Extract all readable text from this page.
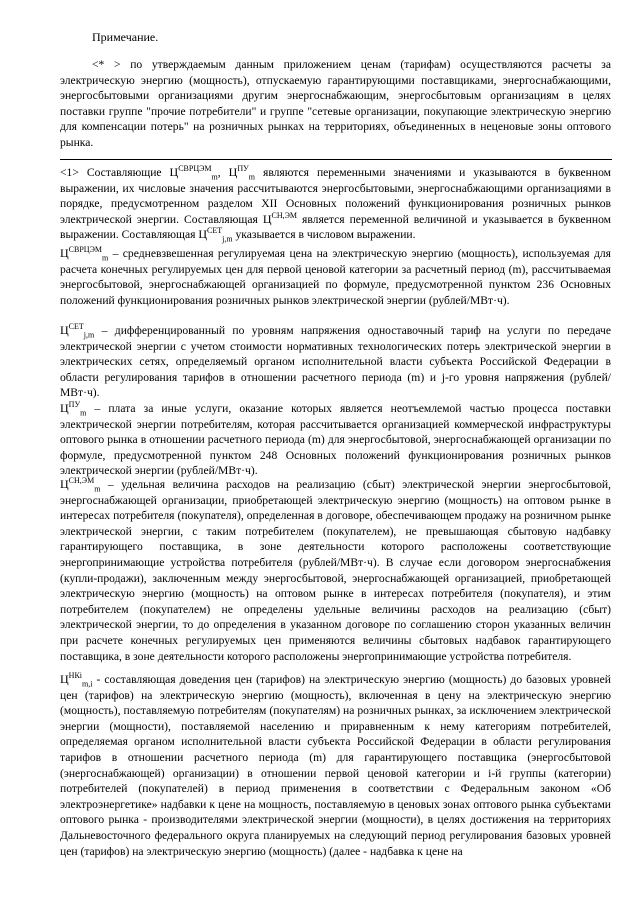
Примечание.

<* > по утверждаемым данным приложением ценам (тарифам) осуществляются расчеты за электрическую энергию (мощность), отпускаемую гарантирующими поставщиками, энергоснабжающими, энергосбытовыми организациями другим энергоснабжающим, энергосбытовым организациям в целях поставки группе "прочие потребители" и группе "сетевые организации, покупающие электрическую энергию для компенсации потерь" на розничных рынках на территориях, объединенных в неценовые зоны оптового рынка.

<1> Составляющие $Ц^{СВРЦЭМ}_m$, $Ц^{ПУ}_m$ являются переменными значениями и указываются в буквенном выражении, их числовые значения рассчитываются энергосбытовыми, энергоснабжающими организациями в порядке, предусмотренном разделом XII Основных положений функционирования розничных рынков электрической энергии. Составляющая $Ц^{СН,ЭМ}$ является переменной величиной и указывается в буквенном выражении. Составляющая $Ц^{СЕТ}_{j,m}$ указывается в числовом выражении.

$Ц^{СВРЦЭМ}_m$ – средневзвешенная регулируемая цена на электрическую энергию (мощность), используемая для расчета конечных регулируемых цен для первой ценовой категории за расчетный период (m), рассчитываемая энергосбытовой, энергоснабжающей организацией по формуле, предусмотренной пунктом 236 Основных положений функционирования розничных рынков электрической энергии (рублей/МВт·ч).

$Ц^{СЕТ}_{j,m}$ – дифференцированный по уровням напряжения одноставочный тариф на услуги по передаче электрической энергии с учетом стоимости нормативных технологических потерь электрической энергии в электрических сетях, определяемый органом исполнительной власти субъекта Российской Федерации в области регулирования тарифов в отношении расчетного периода (m) и j-го уровня напряжения (рублей/МВт·ч).

$Ц^{ПУ}_m$ – плата за иные услуги, оказание которых является неотъемлемой частью процесса поставки электрической энергии потребителям, которая рассчитывается организацией коммерческой инфраструктуры оптового рынка в отношении расчетного периода (m) для энергосбытовой, энергоснабжающей организации по формуле, предусмотренной пунктом 248 Основных положений функционирования розничных рынков электрической энергии (рублей/МВт·ч).

$Ц^{СН,ЭМ}_m$ – удельная величина расходов на реализацию (сбыт) электрической энергии энергосбытовой, энергоснабжающей организации, приобретающей электрическую энергию (мощность) на оптовом рынке в интересах потребителя (покупателя), определенная в договоре, обеспечивающем продажу на розничном рынке электрической энергии, с таким потребителем (покупателем), не превышающая сбытовую надбавку гарантирующего поставщика, в зоне деятельности которого расположены соответствующие энергопринимающие устройства потребителя (рублей/МВт·ч). В случае если договором энергоснабжения (купли-продажи), заключенным между энергосбытовой, энергоснабжающей организацией, приобретающей электрическую энергию (мощность) на оптовом рынке в интересах потребителя (покупателя), и этим потребителем (покупателем) не определены удельные величины расходов на реализацию (сбыт) электрической энергии, то до определения в указанном договоре по соглашению сторон указанных величин при расчете конечных регулируемых цен применяются величины сбытовых надбавок гарантирующего поставщика, в зоне деятельности которого расположены энергопринимающие устройства потребителя.

$Ц^{НКi}_{m,i}$ - составляющая доведения цен (тарифов) на электрическую энергию (мощность) до базовых уровней цен (тарифов) на электрическую энергию (мощность), включенная в цену на электрическую энергию (мощность), поставляемую потребителям (покупателям) на розничных рынках, за исключением электрической энергии (мощности), поставляемой населению и приравненным к нему категориям потребителей, определяемая органом исполнительной власти субъекта Российской Федерации в области регулирования тарифов в отношении расчетного периода (m) для гарантирующего поставщика (энергосбытовой (энергоснабжающей) организации) в отношении первой ценовой категории и i-й группы (категории) потребителей (покупателей) в период применения в соответствии с Федеральным законом «Об электроэнергетике» надбавки к цене на мощность, поставляемую в ценовых зонах оптового рынка субъектами оптового рынка - производителями электрической энергии (мощности), в целях достижения на территориях Дальневосточного федерального округа планируемых на следующий период регулирования базовых уровней цен (тарифов) на электрическую энергию (мощность) (далее - надбавка к цене на
